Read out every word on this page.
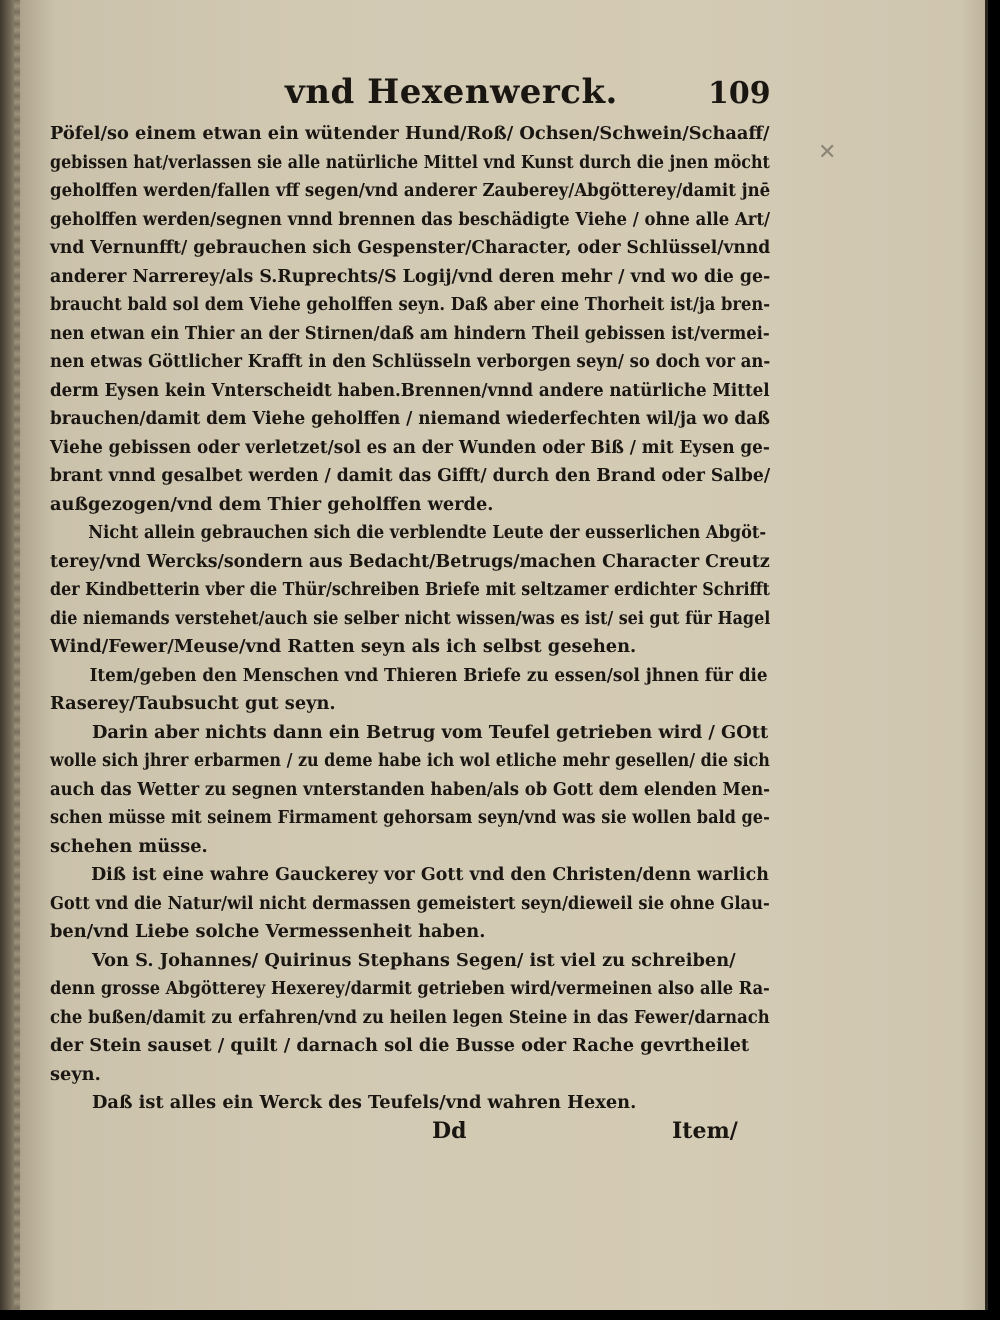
vnd Hexenwerck.	109
✕
Pöfel/so einem etwan ein wütender Hund/Roß/ Ochsen/Schwein/Schaaff/
gebissen hat/verlassen sie alle natürliche Mittel vnd Kunst durch die jnen möcht
geholffen werden/fallen vff segen/vnd anderer Zauberey/Abgötterey/damit jnē
geholffen werden/segnen vnnd brennen das beschädigte Viehe / ohne alle Art/
vnd Vernunfft/ gebrauchen sich Gespenster/Character, oder Schlüssel/vnnd
anderer Narrerey/als S.Ruprechts/S Logij/vnd deren mehr / vnd wo die ge-
braucht bald sol dem Viehe geholffen seyn. Daß aber eine Thorheit ist/ja bren-
nen etwan ein Thier an der Stirnen/daß am hindern Theil gebissen ist/vermei-
nen etwas Göttlicher Krafft in den Schlüsseln verborgen seyn/ so doch vor an-
derm Eysen kein Vnterscheidt haben.Brennen/vnnd andere natürliche Mittel
brauchen/damit dem Viehe geholffen / niemand wiederfechten wil/ja wo daß
Viehe gebissen oder verletzet/sol es an der Wunden oder Biß / mit Eysen ge-
brant vnnd gesalbet werden / damit das Gifft/ durch den Brand oder Salbe/
außgezogen/vnd dem Thier geholffen werde.
Nicht allein gebrauchen sich die verblendte Leute der eusserlichen Abgöt-
terey/vnd Wercks/sondern aus Bedacht/Betrugs/machen Character Creutz
der Kindbetterin vber die Thür/schreiben Briefe mit seltzamer erdichter Schrifft
die niemands verstehet/auch sie selber nicht wissen/was es ist/ sei gut für Hagel
Wind/Fewer/Meuse/vnd Ratten seyn als ich selbst gesehen.
Item/geben den Menschen vnd Thieren Briefe zu essen/sol jhnen für die
Raserey/Taubsucht gut seyn.
Darin aber nichts dann ein Betrug vom Teufel getrieben wird / GOtt
wolle sich jhrer erbarmen / zu deme habe ich wol etliche mehr gesellen/ die sich
auch das Wetter zu segnen vnterstanden haben/als ob Gott dem elenden Men-
schen müsse mit seinem Firmament gehorsam seyn/vnd was sie wollen bald ge-
schehen müsse.
Diß ist eine wahre Gauckerey vor Gott vnd den Christen/denn warlich
Gott vnd die Natur/wil nicht dermassen gemeistert seyn/dieweil sie ohne Glau-
ben/vnd Liebe solche Vermessenheit haben.
Von S. Johannes/ Quirinus Stephans Segen/ ist viel zu schreiben/
denn grosse Abgötterey Hexerey/darmit getrieben wird/vermeinen also alle Ra-
che bußen/damit zu erfahren/vnd zu heilen legen Steine in das Fewer/darnach
der Stein sauset / quilt / darnach sol die Busse oder Rache gevrtheilet
seyn.
Daß ist alles ein Werck des Teufels/vnd wahren Hexen.
Dd	Item/
